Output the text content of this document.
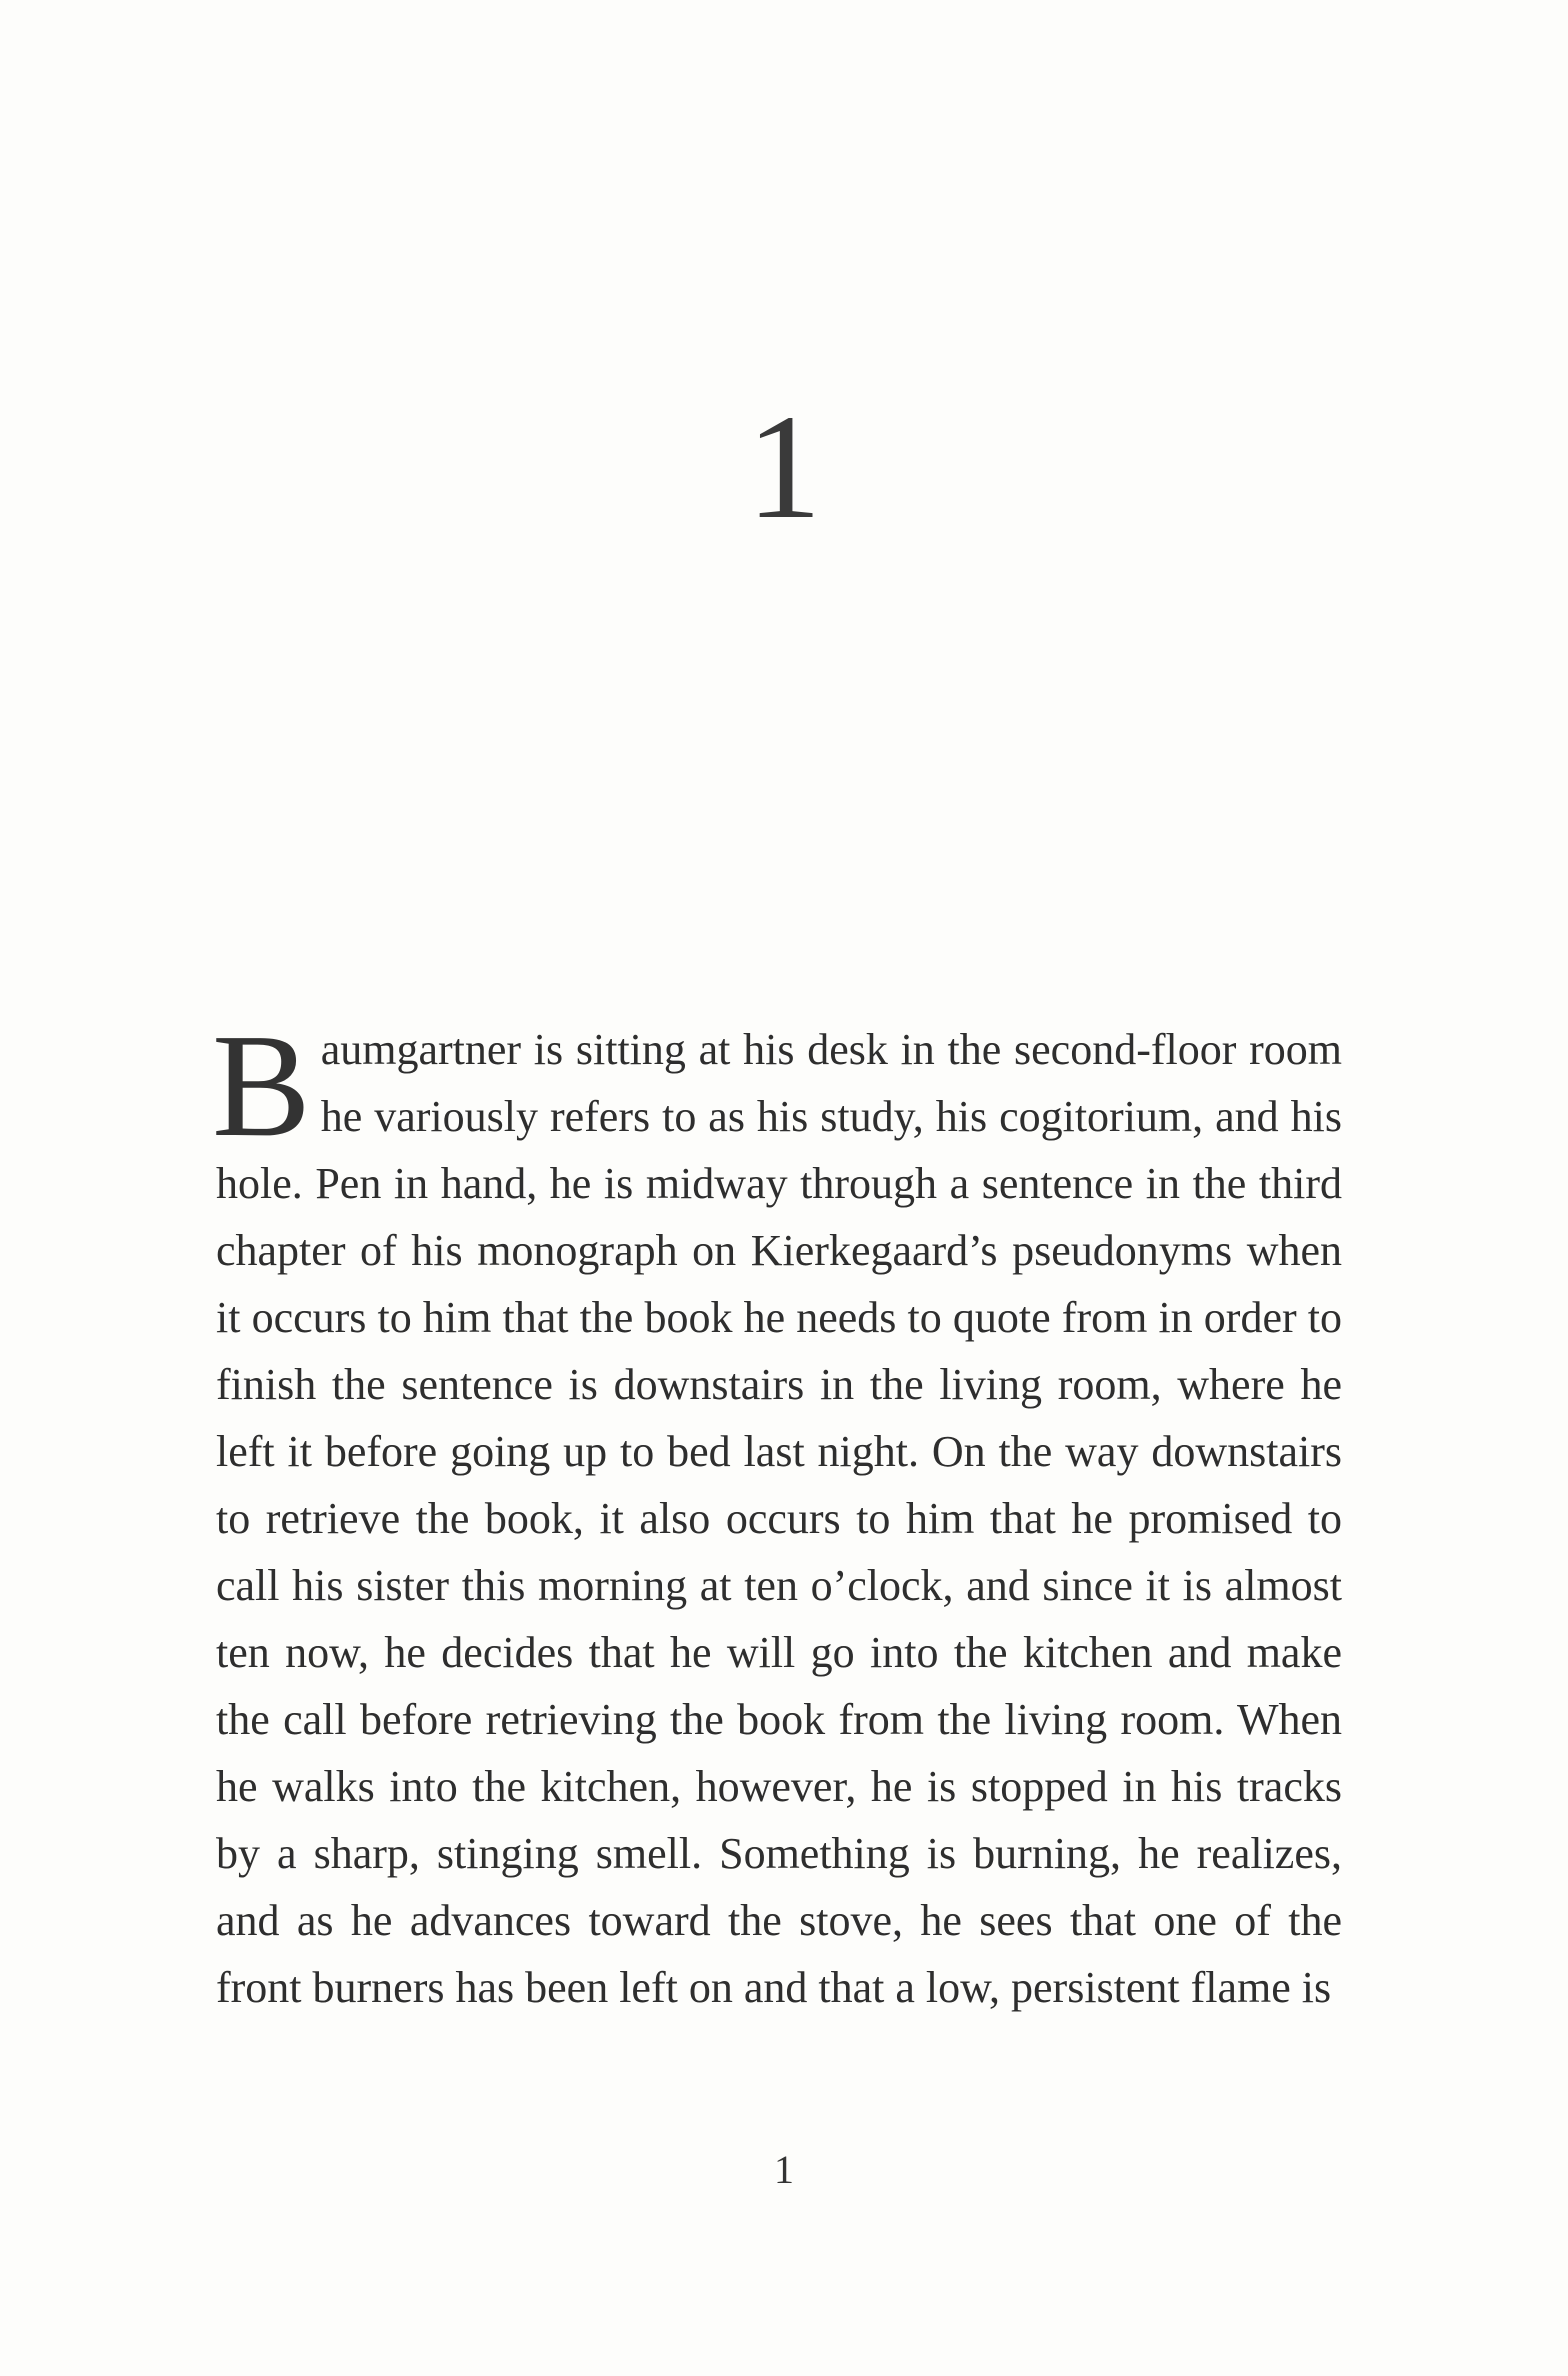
1

Baumgartner is sitting at his desk in the second-floor room he variously refers to as his study, his cogitorium, and his hole. Pen in hand, he is midway through a sentence in the third chapter of his monograph on Kierkegaard’s pseudonyms when it occurs to him that the book he needs to quote from in order to finish the sentence is downstairs in the living room, where he left it before going up to bed last night. On the way downstairs to retrieve the book, it also occurs to him that he promised to call his sister this morning at ten o’clock, and since it is almost ten now, he decides that he will go into the kitchen and make the call before retrieving the book from the living room. When he walks into the kitchen, however, he is stopped in his tracks by a sharp, stinging smell. Something is burning, he realizes, and as he advances toward the stove, he sees that one of the front burners has been left on and that a low, persistent flame is

1
